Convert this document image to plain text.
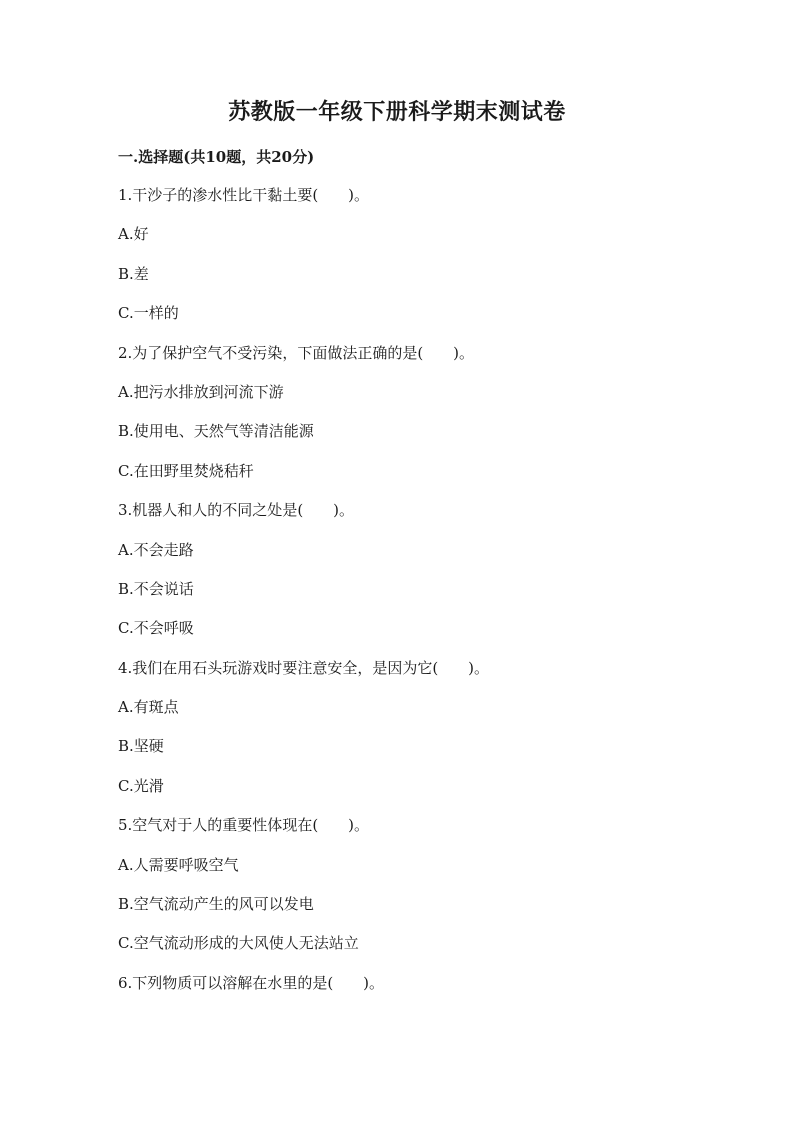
苏教版一年级下册科学期末测试卷
一.选择题(共10题，共20分)
1.干沙子的渗水性比干黏土要(　　)。
A.好
B.差
C.一样的
2.为了保护空气不受污染，下面做法正确的是(　　)。
A.把污水排放到河流下游
B.使用电、天然气等清洁能源
C.在田野里焚烧秸秆
3.机器人和人的不同之处是(　　)。
A.不会走路
B.不会说话
C.不会呼吸
4.我们在用石头玩游戏时要注意安全，是因为它(　　)。
A.有斑点
B.坚硬
C.光滑
5.空气对于人的重要性体现在(　　)。
A.人需要呼吸空气
B.空气流动产生的风可以发电
C.空气流动形成的大风使人无法站立
6.下列物质可以溶解在水里的是(　　)。
